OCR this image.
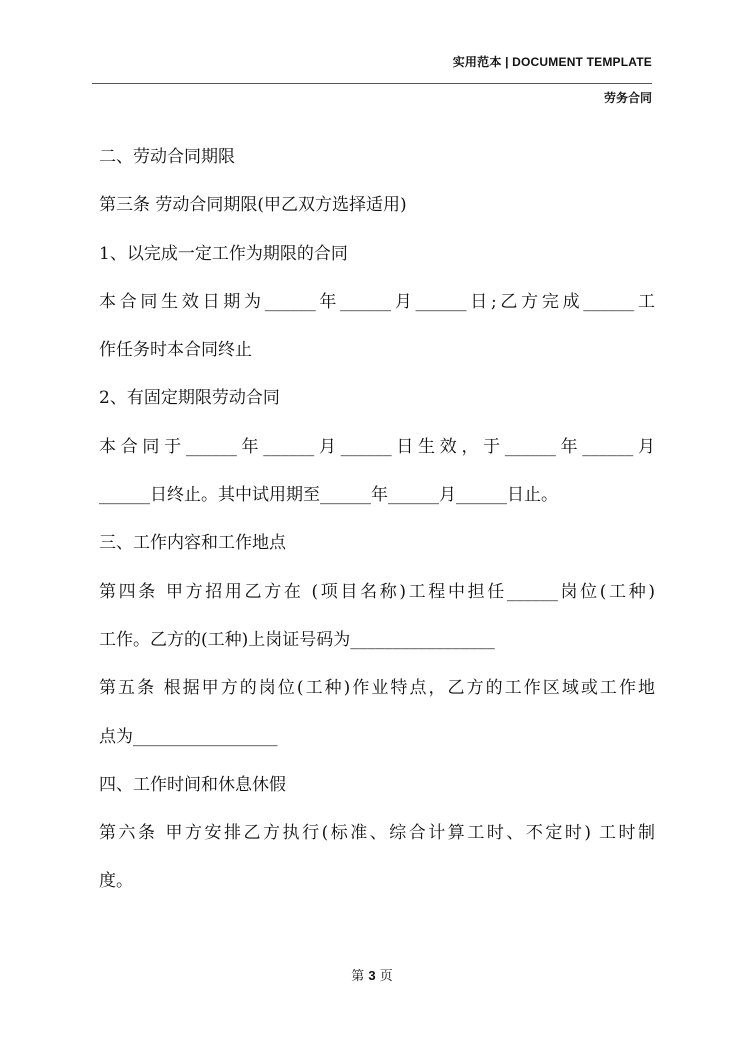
实用范本 | DOCUMENT TEMPLATE
劳务合同
二、劳动合同期限
第三条 劳动合同期限(甲乙双方选择适用)
1、以完成一定工作为期限的合同
本合同生效日期为______年______月______日;乙方完成______工
作任务时本合同终止
2、有固定期限劳动合同
本合同于______年______月______日生效，于______年______月
______日终止。其中试用期至______年______月______日止。
三、工作内容和工作地点
第四条 甲方招用乙方在 (项目名称)工程中担任______岗位(工种)
工作。乙方的(工种)上岗证号码为_________________
第五条 根据甲方的岗位(工种)作业特点，乙方的工作区域或工作地
点为_________________
四、工作时间和休息休假
第六条 甲方安排乙方执行(标准、综合计算工时、不定时) 工时制
度。
第 3 页
